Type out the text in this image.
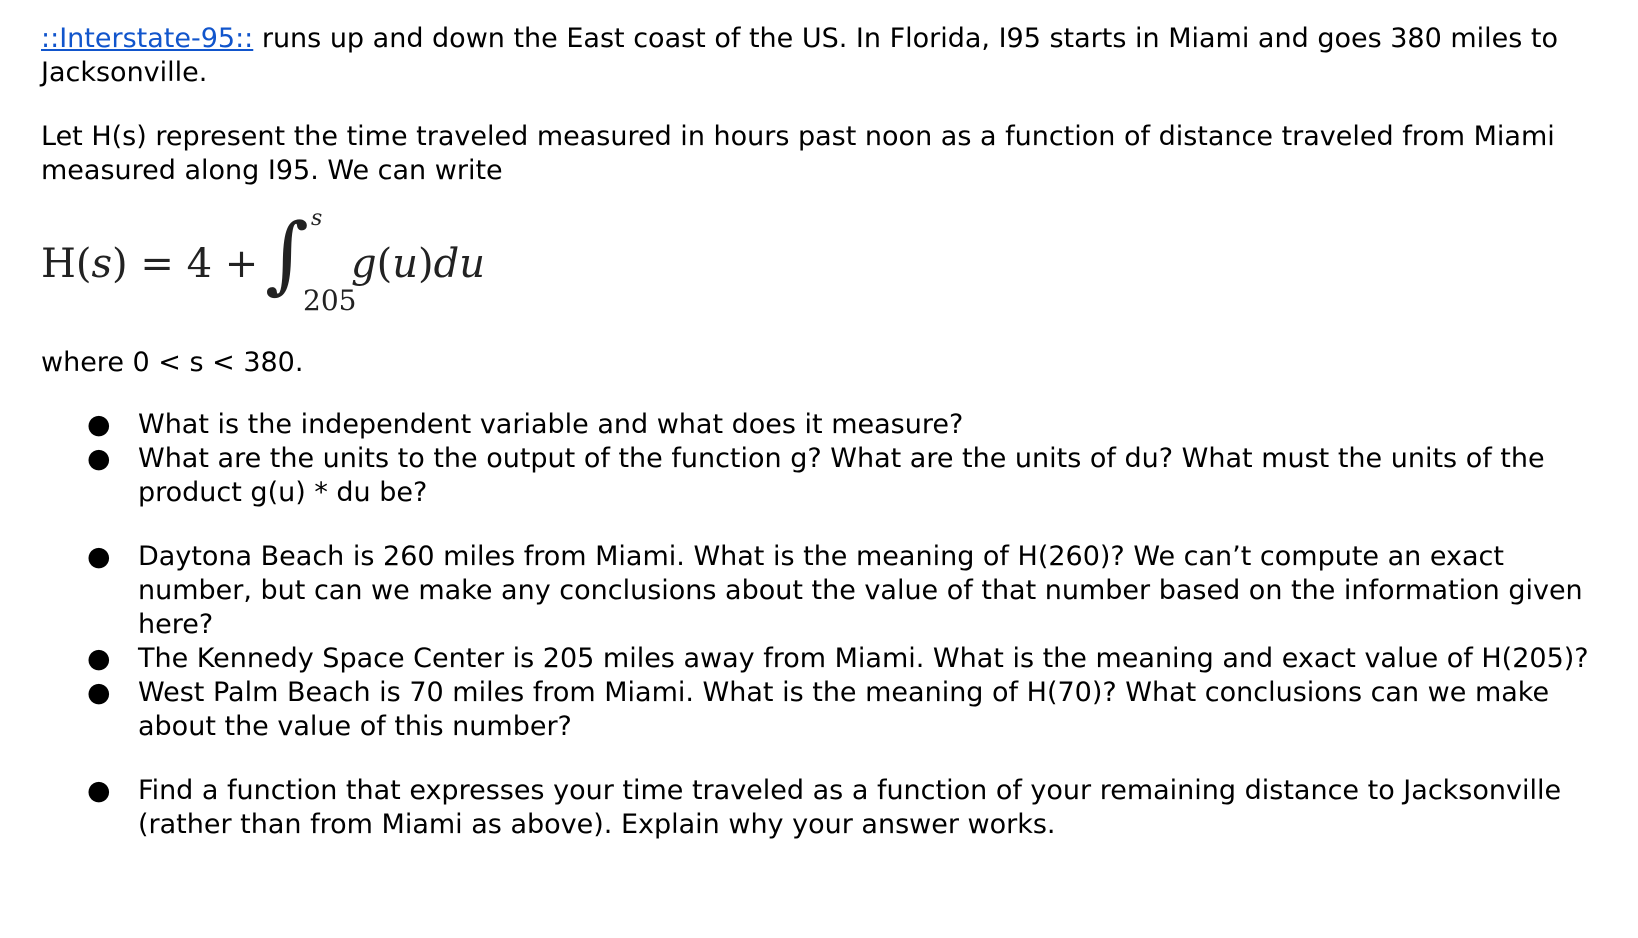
::Interstate-95:: runs up and down the East coast of the US. In Florida, I95 starts in Miami and goes 380 miles to Jacksonville.

Let H(s) represent the time traveled measured in hours past noon as a function of distance traveled from Miami measured along I95. We can write

H(s) = 4 + ∫ s
205
g(u)du

where 0 < s < 380.

● What is the independent variable and what does it measure?
● What are the units to the output of the function g? What are the units of du? What must the units of the product g(u) * du be?
● Daytona Beach is 260 miles from Miami. What is the meaning of H(260)? We can’t compute an exact number, but can we make any conclusions about the value of that number based on the information given here?
● The Kennedy Space Center is 205 miles away from Miami. What is the meaning and exact value of H(205)?
● West Palm Beach is 70 miles from Miami. What is the meaning of H(70)? What conclusions can we make about the value of this number?
● Find a function that expresses your time traveled as a function of your remaining distance to Jacksonville (rather than from Miami as above). Explain why your answer works.
